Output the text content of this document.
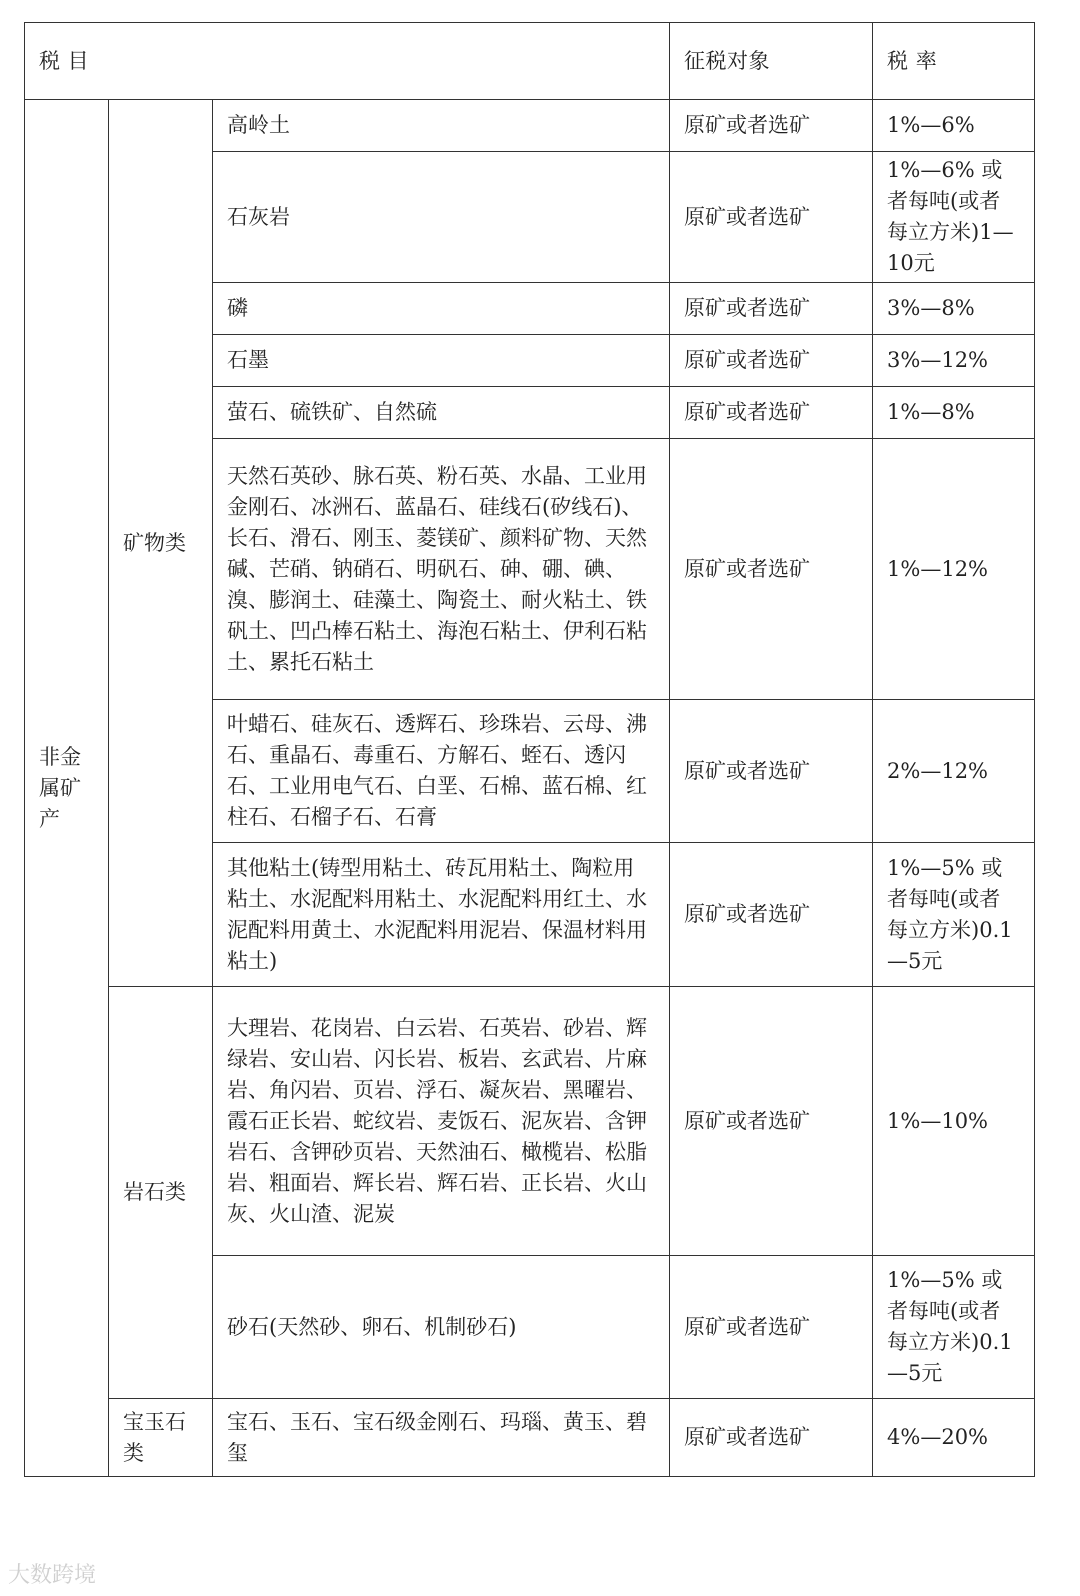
税 目			征税对象	税 率
非金属矿产	矿物类	高岭土	原矿或者选矿	1%—6%
		石灰岩	原矿或者选矿	1%—6% 或者每吨(或者每立方米)1—10元
		磷	原矿或者选矿	3%—8%
		石墨	原矿或者选矿	3%—12%
		萤石、硫铁矿、自然硫	原矿或者选矿	1%—8%
		天然石英砂、脉石英、粉石英、水晶、工业用金刚石、冰洲石、蓝晶石、硅线石(矽线石)、长石、滑石、刚玉、菱镁矿、颜料矿物、天然碱、芒硝、钠硝石、明矾石、砷、硼、碘、溴、膨润土、硅藻土、陶瓷土、耐火粘土、铁矾土、凹凸棒石粘土、海泡石粘土、伊利石粘土、累托石粘土	原矿或者选矿	1%—12%
		叶蜡石、硅灰石、透辉石、珍珠岩、云母、沸石、重晶石、毒重石、方解石、蛭石、透闪石、工业用电气石、白垩、石棉、蓝石棉、红柱石、石榴子石、石膏	原矿或者选矿	2%—12%
		其他粘土(铸型用粘土、砖瓦用粘土、陶粒用粘土、水泥配料用粘土、水泥配料用红土、水泥配料用黄土、水泥配料用泥岩、保温材料用粘土)	原矿或者选矿	1%—5% 或者每吨(或者每立方米)0.1—5元
	岩石类	大理岩、花岗岩、白云岩、石英岩、砂岩、辉绿岩、安山岩、闪长岩、板岩、玄武岩、片麻岩、角闪岩、页岩、浮石、凝灰岩、黑曜岩、霞石正长岩、蛇纹岩、麦饭石、泥灰岩、含钾岩石、含钾砂页岩、天然油石、橄榄岩、松脂岩、粗面岩、辉长岩、辉石岩、正长岩、火山灰、火山渣、泥炭	原矿或者选矿	1%—10%
		砂石(天然砂、卵石、机制砂石)	原矿或者选矿	1%—5% 或者每吨(或者每立方米)0.1—5元
	宝玉石类	宝石、玉石、宝石级金刚石、玛瑙、黄玉、碧玺	原矿或者选矿	4%—20%
大数跨境
